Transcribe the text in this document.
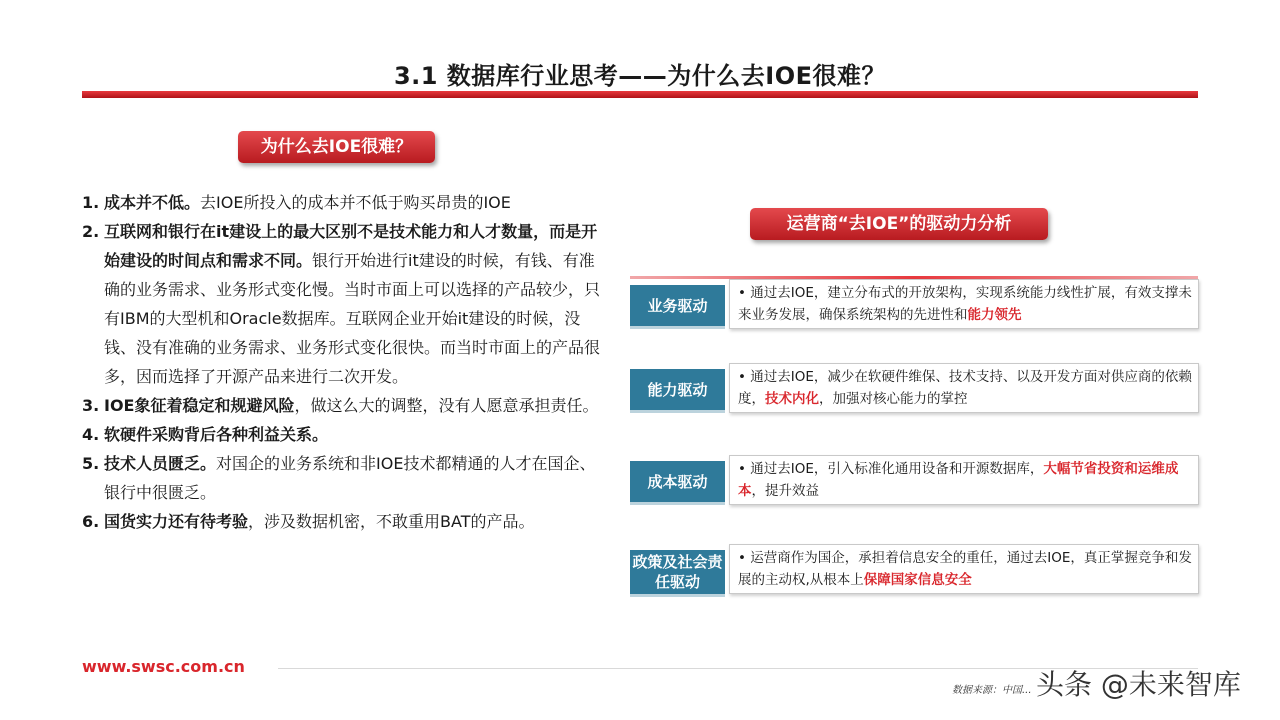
3.1 数据库行业思考——为什么去IOE很难？
为什么去IOE很难？
运营商“去IOE”的驱动力分析
1. 成本并不低。去IOE所投入的成本并不低于购买昂贵的IOE
2. 互联网和银行在it建设上的最大区别不是技术能力和人才数量，而是开始建设的时间点和需求不同。银行开始进行it建设的时候，有钱、有准确的业务需求、业务形式变化慢。当时市面上可以选择的产品较少，只有IBM的大型机和Oracle数据库。互联网企业开始it建设的时候，没钱、没有准确的业务需求、业务形式变化很快。而当时市面上的产品很多，因而选择了开源产品来进行二次开发。
3. IOE象征着稳定和规避风险，做这么大的调整，没有人愿意承担责任。
4. 软硬件采购背后各种利益关系。
5. 技术人员匮乏。对国企的业务系统和非IOE技术都精通的人才在国企、银行中很匮乏。
6. 国货实力还有待考验，涉及数据机密，不敢重用BAT的产品。
业务驱动
• 通过去IOE，建立分布式的开放架构，实现系统能力线性扩展，有效支撑未来业务发展，确保系统架构的先进性和能力领先
能力驱动
• 通过去IOE，减少在软硬件维保、技术支持、以及开发方面对供应商的依赖度，技术内化，加强对核心能力的掌控
成本驱动
• 通过去IOE，引入标准化通用设备和开源数据库，大幅节省投资和运维成本，提升效益
政策及社会责任驱动
• 运营商作为国企，承担着信息安全的重任，通过去IOE，真正掌握竞争和发展的主动权,从根本上保障国家信息安全
www.swsc.com.cn
数据来源：中国... 头条 @未来智库
